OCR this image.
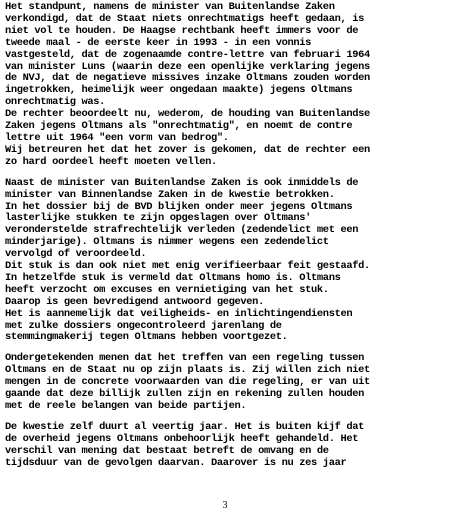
Het standpunt, namens de minister van Buitenlandse Zaken
verkondigd, dat de Staat niets onrechtmatigs heeft gedaan, is
niet vol te houden. De Haagse rechtbank heeft immers voor de
tweede maal - de eerste keer in 1993 - in een vonnis
vastgesteld, dat de zogenaamde contre-lettre van februari 1964
van minister Luns (waarin deze een openlijke verklaring jegens
de NVJ, dat de negatieve missives inzake Oltmans zouden worden
ingetrokken, heimelijk weer ongedaan maakte) jegens Oltmans
onrechtmatig was.
De rechter beoordeelt nu, wederom, de houding van Buitenlandse
Zaken jegens Oltmans als "onrechtmatig", en noemt de contre
lettre uit 1964 "een vorm van bedrog".
Wij betreuren het dat het zover is gekomen, dat de rechter een
zo hard oordeel heeft moeten vellen.
Naast de minister van Buitenlandse Zaken is ook inmiddels de
minister van Binnenlandse Zaken in de kwestie betrokken.
In het dossier bij de BVD blijken onder meer jegens Oltmans
lasterlijke stukken te zijn opgeslagen over Oltmans'
veronderstelde strafrechtelijk verleden (zedendelict met een
minderjarige). Oltmans is nimmer wegens een zedendelict
vervolgd of veroordeeld.
Dit stuk is dan ook niet met enig verifieerbaar feit gestaafd.
In hetzelfde stuk is vermeld dat Oltmans homo is. Oltmans
heeft verzocht om excuses en vernietiging van het stuk.
Daarop is geen bevredigend antwoord gegeven.
Het is aannemelijk dat veiligheids- en inlichtingendiensten
met zulke dossiers ongecontroleerd jarenlang de
stemmingmakerij tegen Oltmans hebben voortgezet.
Ondergetekenden menen dat het treffen van een regeling tussen
Oltmans en de Staat nu op zijn plaats is. Zij willen zich niet
mengen in de concrete voorwaarden van die regeling, er van uit
gaande dat deze billijk zullen zijn en rekening zullen houden
met de reele belangen van beide partijen.
De kwestie zelf duurt al veertig jaar. Het is buiten kijf dat
de overheid jegens Oltmans onbehoorlijk heeft gehandeld. Het
verschil van mening dat bestaat betreft de omvang en de
tijdsduur van de gevolgen daarvan. Daarover is nu zes jaar
3
